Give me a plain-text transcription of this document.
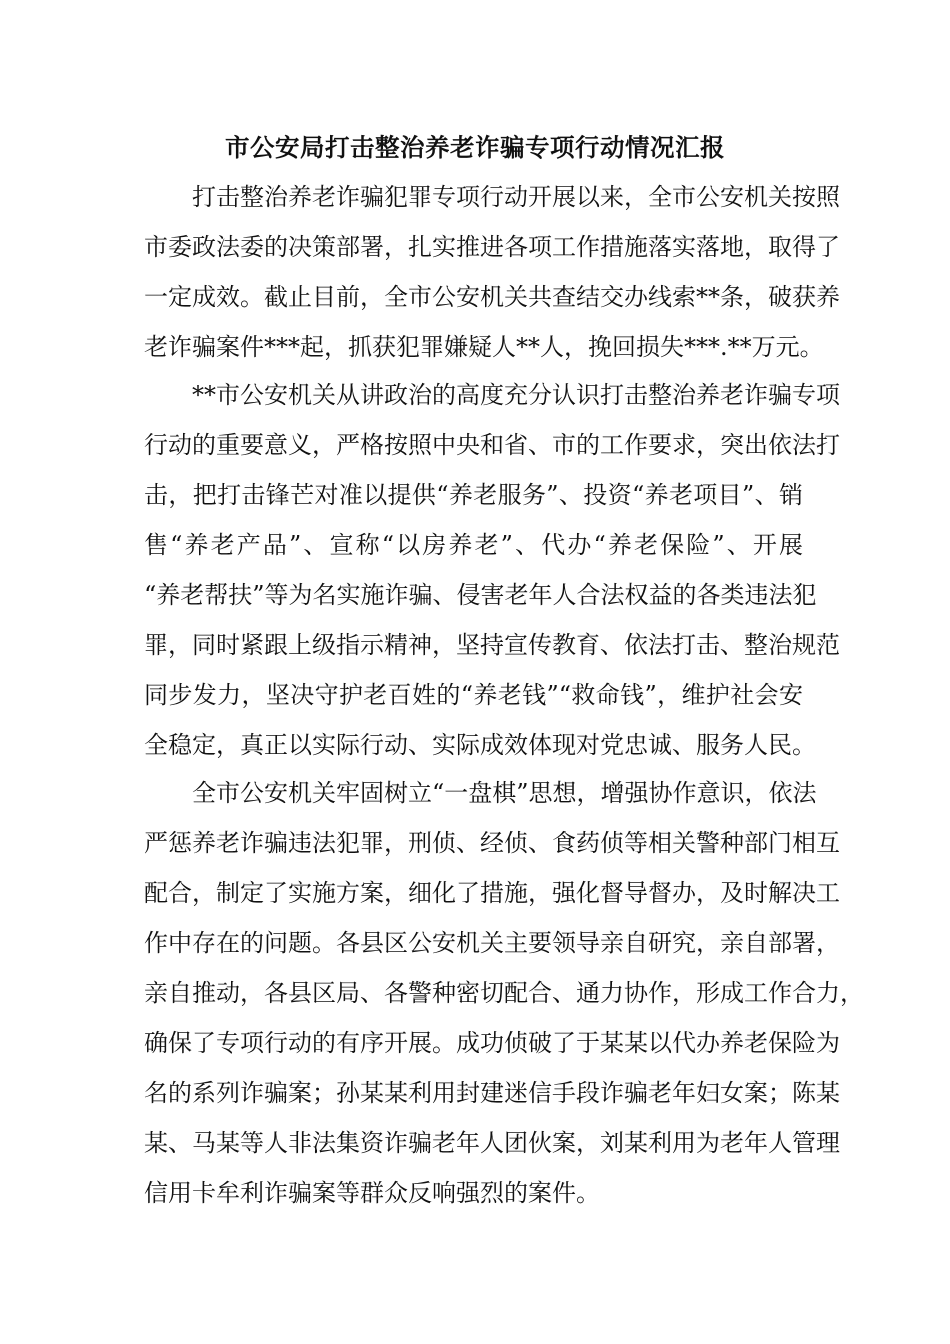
市公安局打击整治养老诈骗专项行动情况汇报
打击整治养老诈骗犯罪专项行动开展以来，全市公安机关按照
市委政法委的决策部署，扎实推进各项工作措施落实落地，取得了
一定成效。截止目前，全市公安机关共查结交办线索**条，破获养
老诈骗案件***起，抓获犯罪嫌疑人**人，挽回损失***.**万元。
**市公安机关从讲政治的高度充分认识打击整治养老诈骗专项
行动的重要意义，严格按照中央和省、市的工作要求，突出依法打
击，把打击锋芒对准以提供“养老服务”、投资“养老项目”、销
售“养老产品”、宣称“以房养老”、代办“养老保险”、开展
“养老帮扶”等为名实施诈骗、侵害老年人合法权益的各类违法犯
罪，同时紧跟上级指示精神，坚持宣传教育、依法打击、整治规范
同步发力，坚决守护老百姓的“养老钱”“救命钱”，维护社会安
全稳定，真正以实际行动、实际成效体现对党忠诚、服务人民。
全市公安机关牢固树立“一盘棋”思想，增强协作意识，依法
严惩养老诈骗违法犯罪，刑侦、经侦、食药侦等相关警种部门相互
配合，制定了实施方案，细化了措施，强化督导督办，及时解决工
作中存在的问题。各县区公安机关主要领导亲自研究，亲自部署，
亲自推动，各县区局、各警种密切配合、通力协作，形成工作合力，
确保了专项行动的有序开展。成功侦破了于某某以代办养老保险为
名的系列诈骗案；孙某某利用封建迷信手段诈骗老年妇女案；陈某
某、马某等人非法集资诈骗老年人团伙案，刘某利用为老年人管理
信用卡牟利诈骗案等群众反响强烈的案件。
